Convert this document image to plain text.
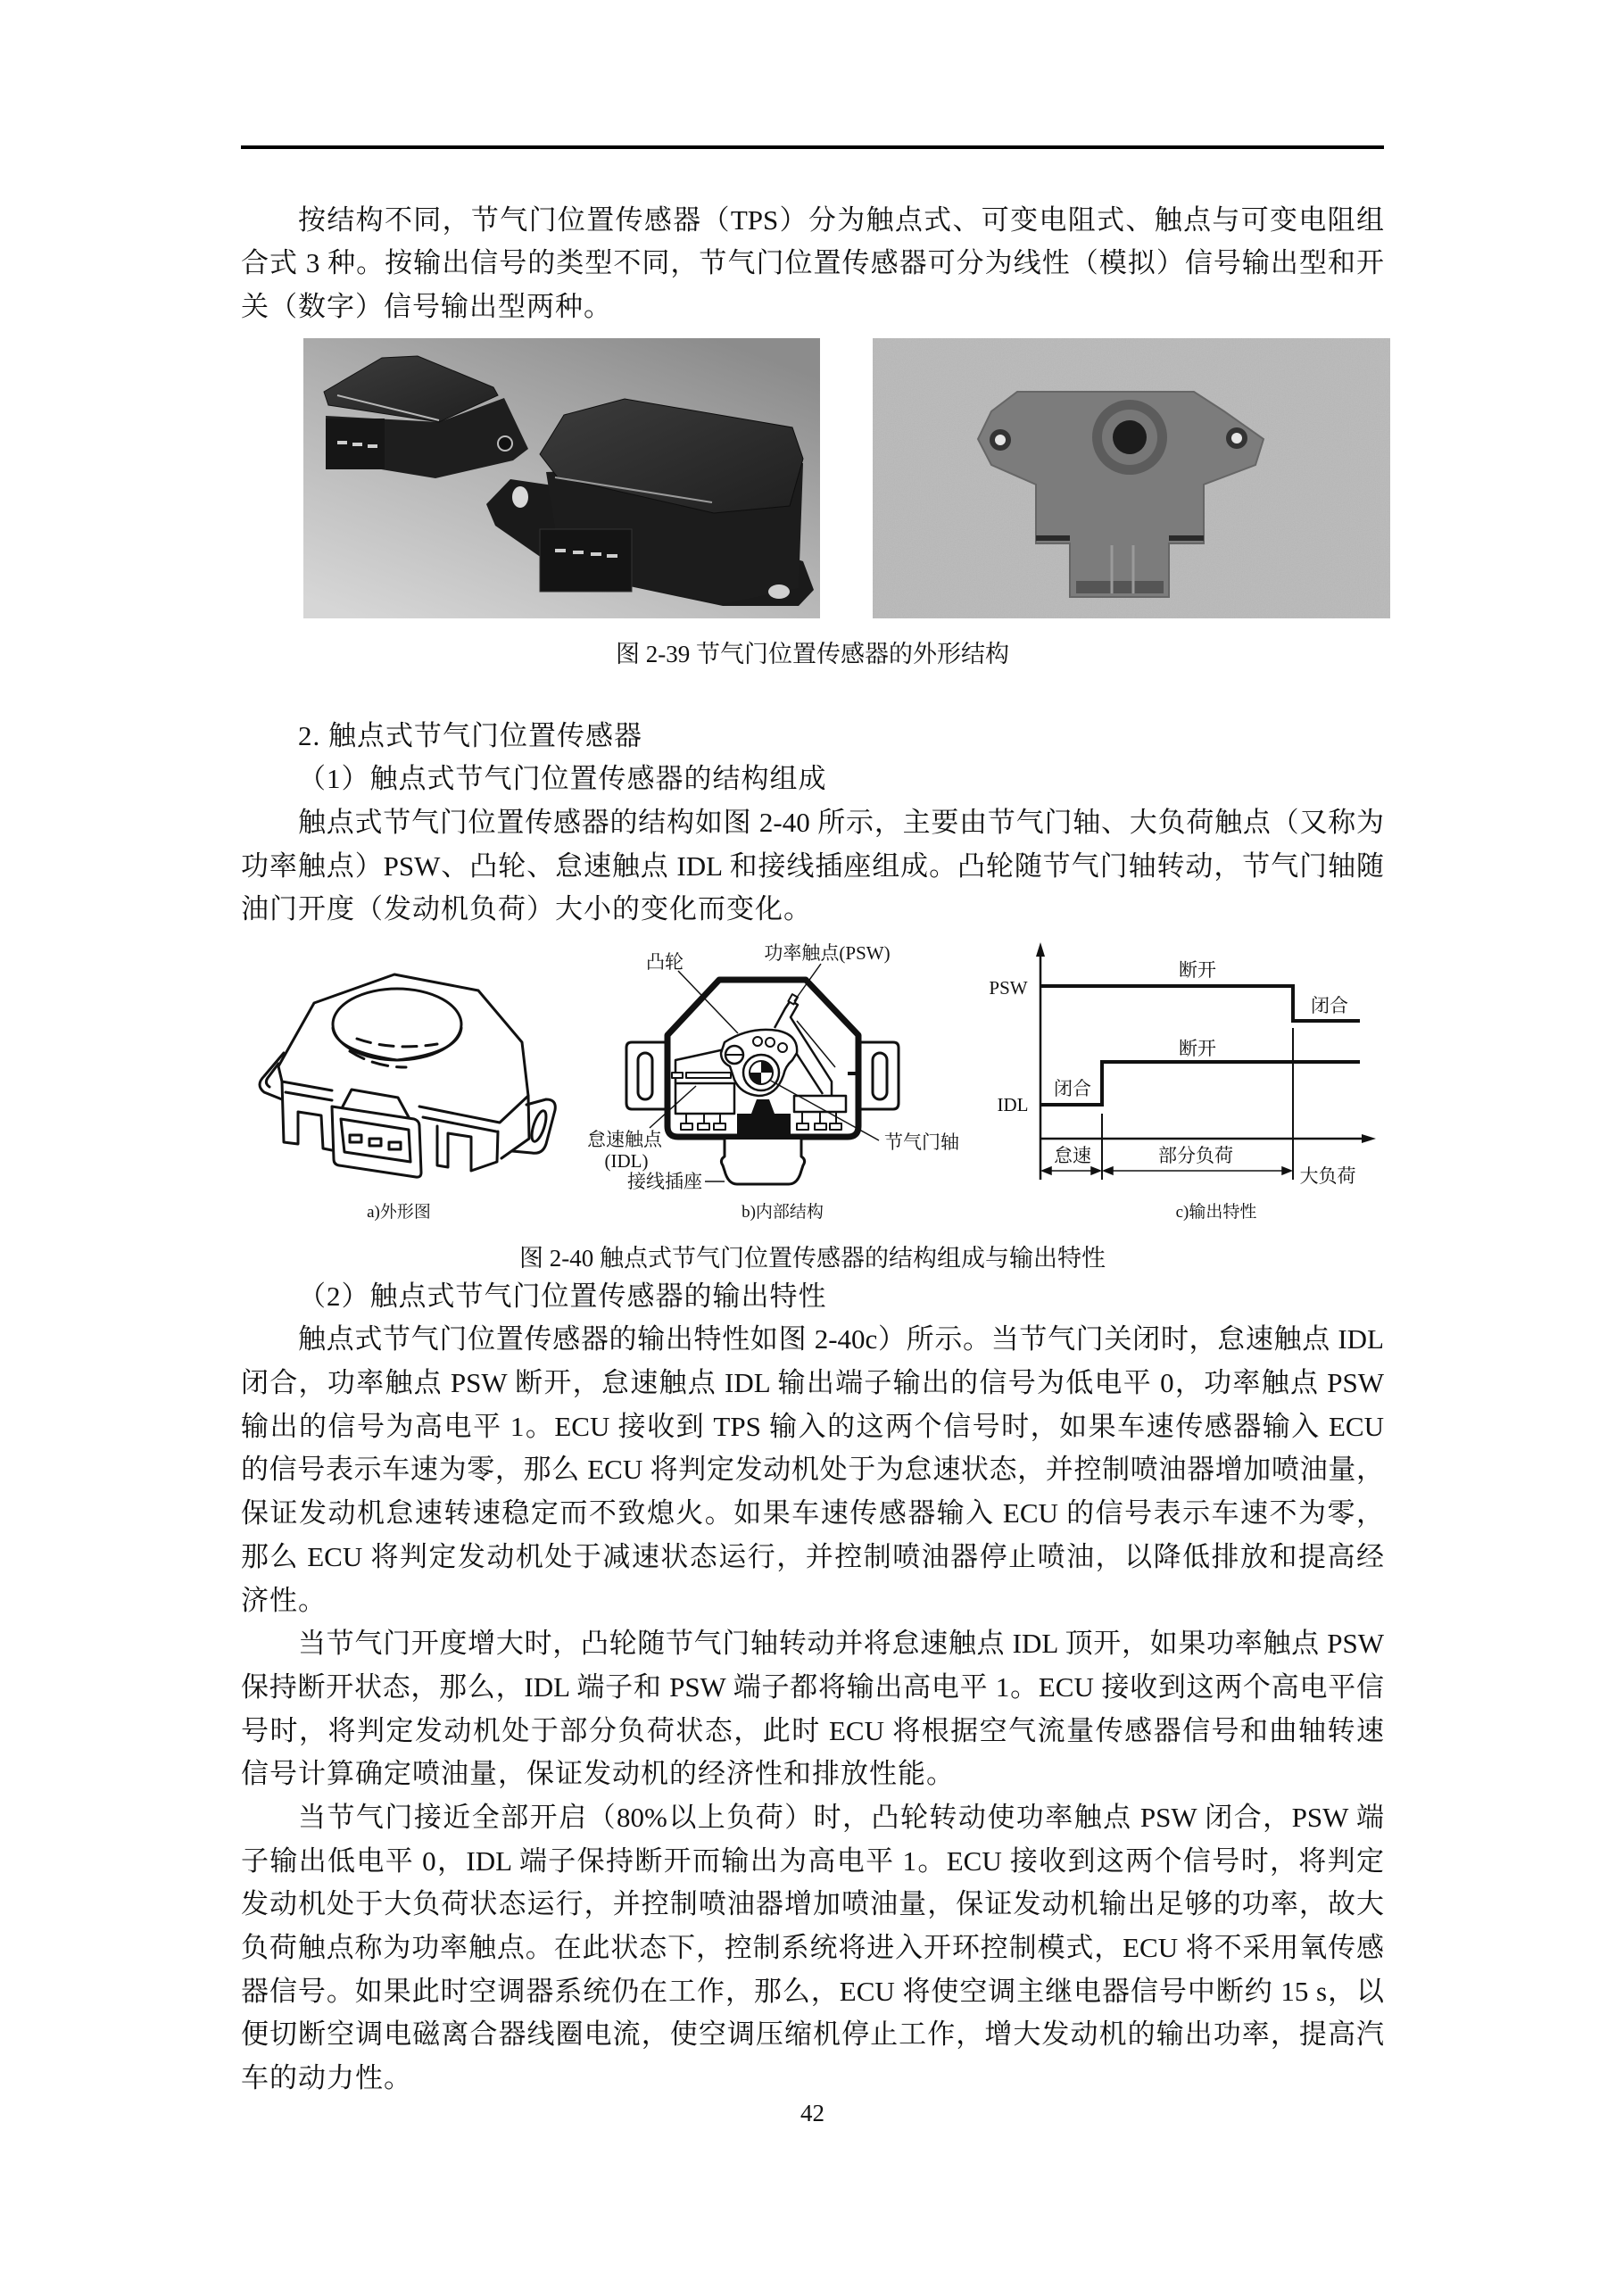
按结构不同，节气门位置传感器（TPS）分为触点式、可变电阻式、触点与可变电阻组
合式 3 种。按输出信号的类型不同，节气门位置传感器可分为线性（模拟）信号输出型和开
关（数字）信号输出型两种。
图 2-39 节气门位置传感器的外形结构
2. 触点式节气门位置传感器
（1）触点式节气门位置传感器的结构组成
触点式节气门位置传感器的结构如图 2-40 所示，主要由节气门轴、大负荷触点（又称为
功率触点）PSW、凸轮、怠速触点 IDL 和接线插座组成。凸轮随节气门轴转动，节气门轴随
油门开度（发动机负荷）大小的变化而变化。
a)外形图
凸轮	功率触点(PSW)
怠速触点
(IDL)
接线插座
节气门轴
b)内部结构
PSW
IDL
断开
闭合
断开
闭合
怠速	部分负荷
大负荷
c)输出特性
图 2-40 触点式节气门位置传感器的结构组成与输出特性
（2）触点式节气门位置传感器的输出特性
触点式节气门位置传感器的输出特性如图 2-40c）所示。当节气门关闭时，怠速触点 IDL
闭合，功率触点 PSW 断开，怠速触点 IDL 输出端子输出的信号为低电平 0，功率触点 PSW
输出的信号为高电平 1。ECU 接收到 TPS 输入的这两个信号时，如果车速传感器输入 ECU
的信号表示车速为零，那么 ECU 将判定发动机处于为怠速状态，并控制喷油器增加喷油量，
保证发动机怠速转速稳定而不致熄火。如果车速传感器输入 ECU 的信号表示车速不为零，
那么 ECU 将判定发动机处于减速状态运行，并控制喷油器停止喷油，以降低排放和提高经
济性。
当节气门开度增大时，凸轮随节气门轴转动并将怠速触点 IDL 顶开，如果功率触点 PSW
保持断开状态，那么，IDL 端子和 PSW 端子都将输出高电平 1。ECU 接收到这两个高电平信
号时，将判定发动机处于部分负荷状态，此时 ECU 将根据空气流量传感器信号和曲轴转速
信号计算确定喷油量，保证发动机的经济性和排放性能。
当节气门接近全部开启（80%以上负荷）时，凸轮转动使功率触点 PSW 闭合，PSW 端
子输出低电平 0，IDL 端子保持断开而输出为高电平 1。ECU 接收到这两个信号时，将判定
发动机处于大负荷状态运行，并控制喷油器增加喷油量，保证发动机输出足够的功率，故大
负荷触点称为功率触点。在此状态下，控制系统将进入开环控制模式，ECU 将不采用氧传感
器信号。如果此时空调器系统仍在工作，那么，ECU 将使空调主继电器信号中断约 15 s，以
便切断空调电磁离合器线圈电流，使空调压缩机停止工作，增大发动机的输出功率，提高汽
车的动力性。
42
